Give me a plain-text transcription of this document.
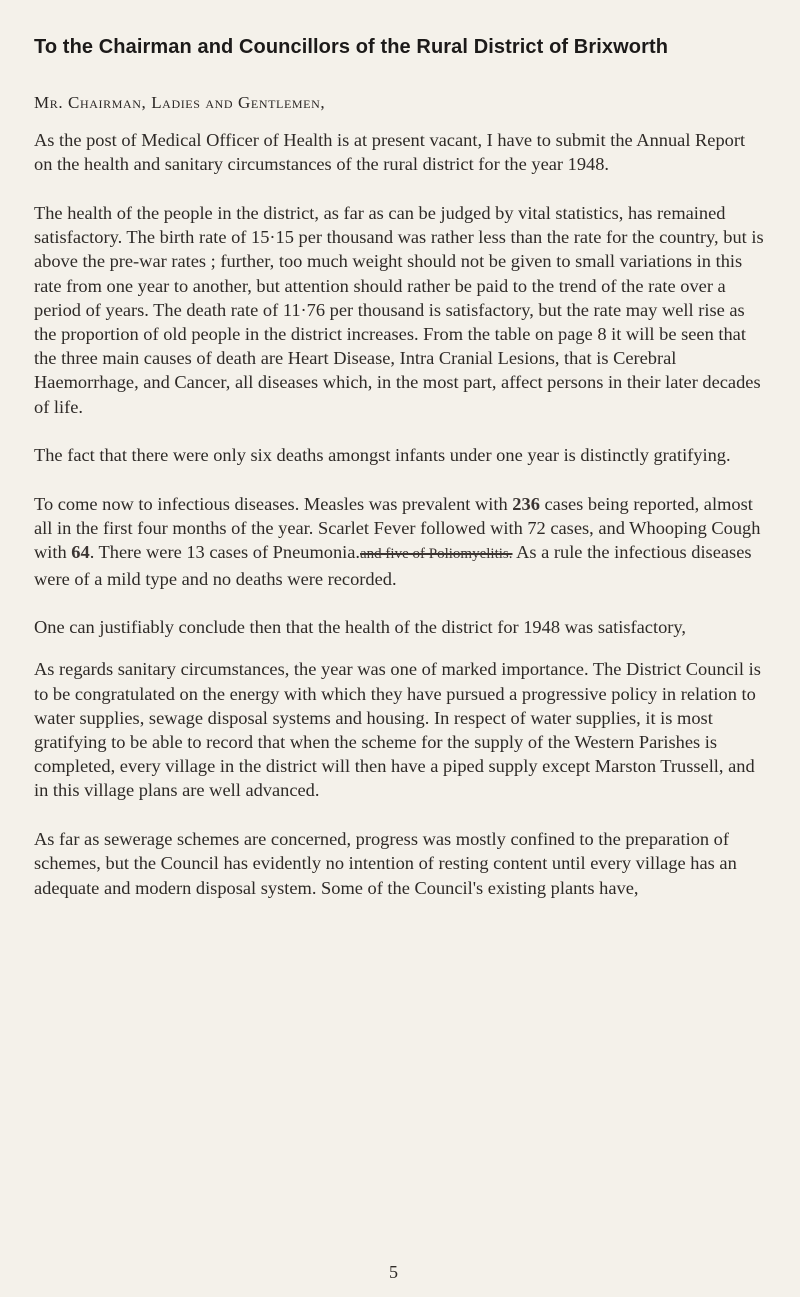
To the Chairman and Councillors of the Rural District of Brixworth
Mr. Chairman, Ladies and Gentlemen,

As the post of Medical Officer of Health is at present vacant, I have to submit the Annual Report on the health and sanitary circumstances of the rural district for the year 1948.

The health of the people in the district, as far as can be judged by vital statistics, has remained satisfactory. The birth rate of 15·15 per thousand was rather less than the rate for the country, but is above the pre-war rates ; further, too much weight should not be given to small variations in this rate from one year to another, but attention should rather be paid to the trend of the rate over a period of years. The death rate of 11·76 per thousand is satisfactory, but the rate may well rise as the proportion of old people in the district increases. From the table on page 8 it will be seen that the three main causes of death are Heart Disease, Intra Cranial Lesions, that is Cerebral Haemorrhage, and Cancer, all diseases which, in the most part, affect persons in their later decades of life.

The fact that there were only six deaths amongst infants under one year is distinctly gratifying.

To come now to infectious diseases. Measles was prevalent with 236 cases being reported, almost all in the first four months of the year. Scarlet Fever followed with 72 cases, and Whooping Cough with 64. There were 13 cases of Pneumonia.and five of Poliomyelitis. As a rule the infectious diseases were of a mild type and no deaths were recorded.

One can justifiably conclude then that the health of the district for 1948 was satisfactory,

As regards sanitary circumstances, the year was one of marked importance. The District Council is to be congratulated on the energy with which they have pursued a progressive policy in relation to water supplies, sewage disposal systems and housing. In respect of water supplies, it is most gratifying to be able to record that when the scheme for the supply of the Western Parishes is completed, every village in the district will then have a piped supply except Marston Trussell, and in this village plans are well advanced.

As far as sewerage schemes are concerned, progress was mostly confined to the preparation of schemes, but the Council has evidently no intention of resting content until every village has an adequate and modern disposal system. Some of the Council's existing plants have,

5
